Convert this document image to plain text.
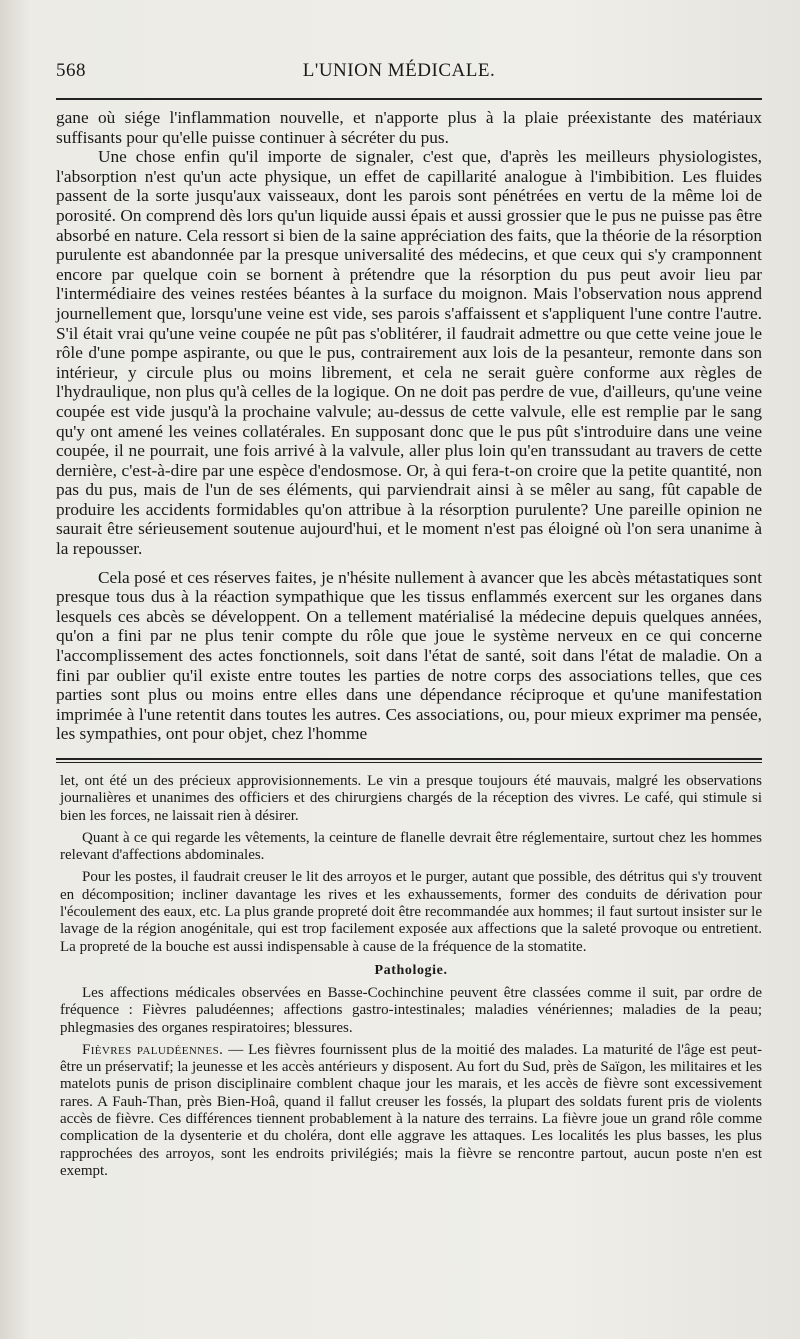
568	L'UNION MÉDICALE.

gane où siége l'inflammation nouvelle, et n'apporte plus à la plaie préexistante des matériaux suffisants pour qu'elle puisse continuer à sécréter du pus.

Une chose enfin qu'il importe de signaler, c'est que, d'après les meilleurs physiologistes, l'absorption n'est qu'un acte physique, un effet de capillarité analogue à l'imbibition. Les fluides passent de la sorte jusqu'aux vaisseaux, dont les parois sont pénétrées en vertu de la même loi de porosité. On comprend dès lors qu'un liquide aussi épais et aussi grossier que le pus ne puisse pas être absorbé en nature. Cela ressort si bien de la saine appréciation des faits, que la théorie de la résorption purulente est abandonnée par la presque universalité des médecins, et que ceux qui s'y cramponnent encore par quelque coin se bornent à prétendre que la résorption du pus peut avoir lieu par l'intermédiaire des veines restées béantes à la surface du moignon. Mais l'observation nous apprend journellement que, lorsqu'une veine est vide, ses parois s'affaissent et s'appliquent l'une contre l'autre. S'il était vrai qu'une veine coupée ne pût pas s'oblitérer, il faudrait admettre ou que cette veine joue le rôle d'une pompe aspirante, ou que le pus, contrairement aux lois de la pesanteur, remonte dans son intérieur, y circule plus ou moins librement, et cela ne serait guère conforme aux règles de l'hydraulique, non plus qu'à celles de la logique. On ne doit pas perdre de vue, d'ailleurs, qu'une veine coupée est vide jusqu'à la prochaine valvule; au-dessus de cette valvule, elle est remplie par le sang qu'y ont amené les veines collatérales. En supposant donc que le pus pût s'introduire dans une veine coupée, il ne pourrait, une fois arrivé à la valvule, aller plus loin qu'en transsudant au travers de cette dernière, c'est-à-dire par une espèce d'endosmose. Or, à qui fera-t-on croire que la petite quantité, non pas du pus, mais de l'un de ses éléments, qui parviendrait ainsi à se mêler au sang, fût capable de produire les accidents formidables qu'on attribue à la résorption purulente? Une pareille opinion ne saurait être sérieusement soutenue aujourd'hui, et le moment n'est pas éloigné où l'on sera unanime à la repousser.

Cela posé et ces réserves faites, je n'hésite nullement à avancer que les abcès métastatiques sont presque tous dus à la réaction sympathique que les tissus enflammés exercent sur les organes dans lesquels ces abcès se développent. On a tellement matérialisé la médecine depuis quelques années, qu'on a fini par ne plus tenir compte du rôle que joue le système nerveux en ce qui concerne l'accomplissement des actes fonctionnels, soit dans l'état de santé, soit dans l'état de maladie. On a fini par oublier qu'il existe entre toutes les parties de notre corps des associations telles, que ces parties sont plus ou moins entre elles dans une dépendance réciproque et qu'une manifestation imprimée à l'une retentit dans toutes les autres. Ces associations, ou, pour mieux exprimer ma pensée, les sympathies, ont pour objet, chez l'homme

let, ont été un des précieux approvisionnements. Le vin a presque toujours été mauvais, malgré les observations journalières et unanimes des officiers et des chirurgiens chargés de la réception des vivres. Le café, qui stimule si bien les forces, ne laissait rien à désirer.

Quant à ce qui regarde les vêtements, la ceinture de flanelle devrait être réglementaire, surtout chez les hommes relevant d'affections abdominales.

Pour les postes, il faudrait creuser le lit des arroyos et le purger, autant que possible, des détritus qui s'y trouvent en décomposition; incliner davantage les rives et les exhaussements, former des conduits de dérivation pour l'écoulement des eaux, etc. La plus grande propreté doit être recommandée aux hommes; il faut surtout insister sur le lavage de la région anogénitale, qui est trop facilement exposée aux affections que la saleté provoque ou entretient. La propreté de la bouche est aussi indispensable à cause de la fréquence de la stomatite.

Pathologie.

Les affections médicales observées en Basse-Cochinchine peuvent être classées comme il suit, par ordre de fréquence : Fièvres paludéennes; affections gastro-intestinales; maladies vénériennes; maladies de la peau; phlegmasies des organes respiratoires; blessures.

Fièvres paludéennes. — Les fièvres fournissent plus de la moitié des malades. La maturité de l'âge est peut-être un préservatif; la jeunesse et les accès antérieurs y disposent. Au fort du Sud, près de Saïgon, les militaires et les matelots punis de prison disciplinaire comblent chaque jour les marais, et les accès de fièvre sont excessivement rares. A Fauh-Than, près Bien-Hoâ, quand il fallut creuser les fossés, la plupart des soldats furent pris de violents accès de fièvre. Ces différences tiennent probablement à la nature des terrains. La fièvre joue un grand rôle comme complication de la dysenterie et du choléra, dont elle aggrave les attaques. Les localités les plus basses, les plus rapprochées des arroyos, sont les endroits privilégiés; mais la fièvre se rencontre partout, aucun poste n'en est exempt.
